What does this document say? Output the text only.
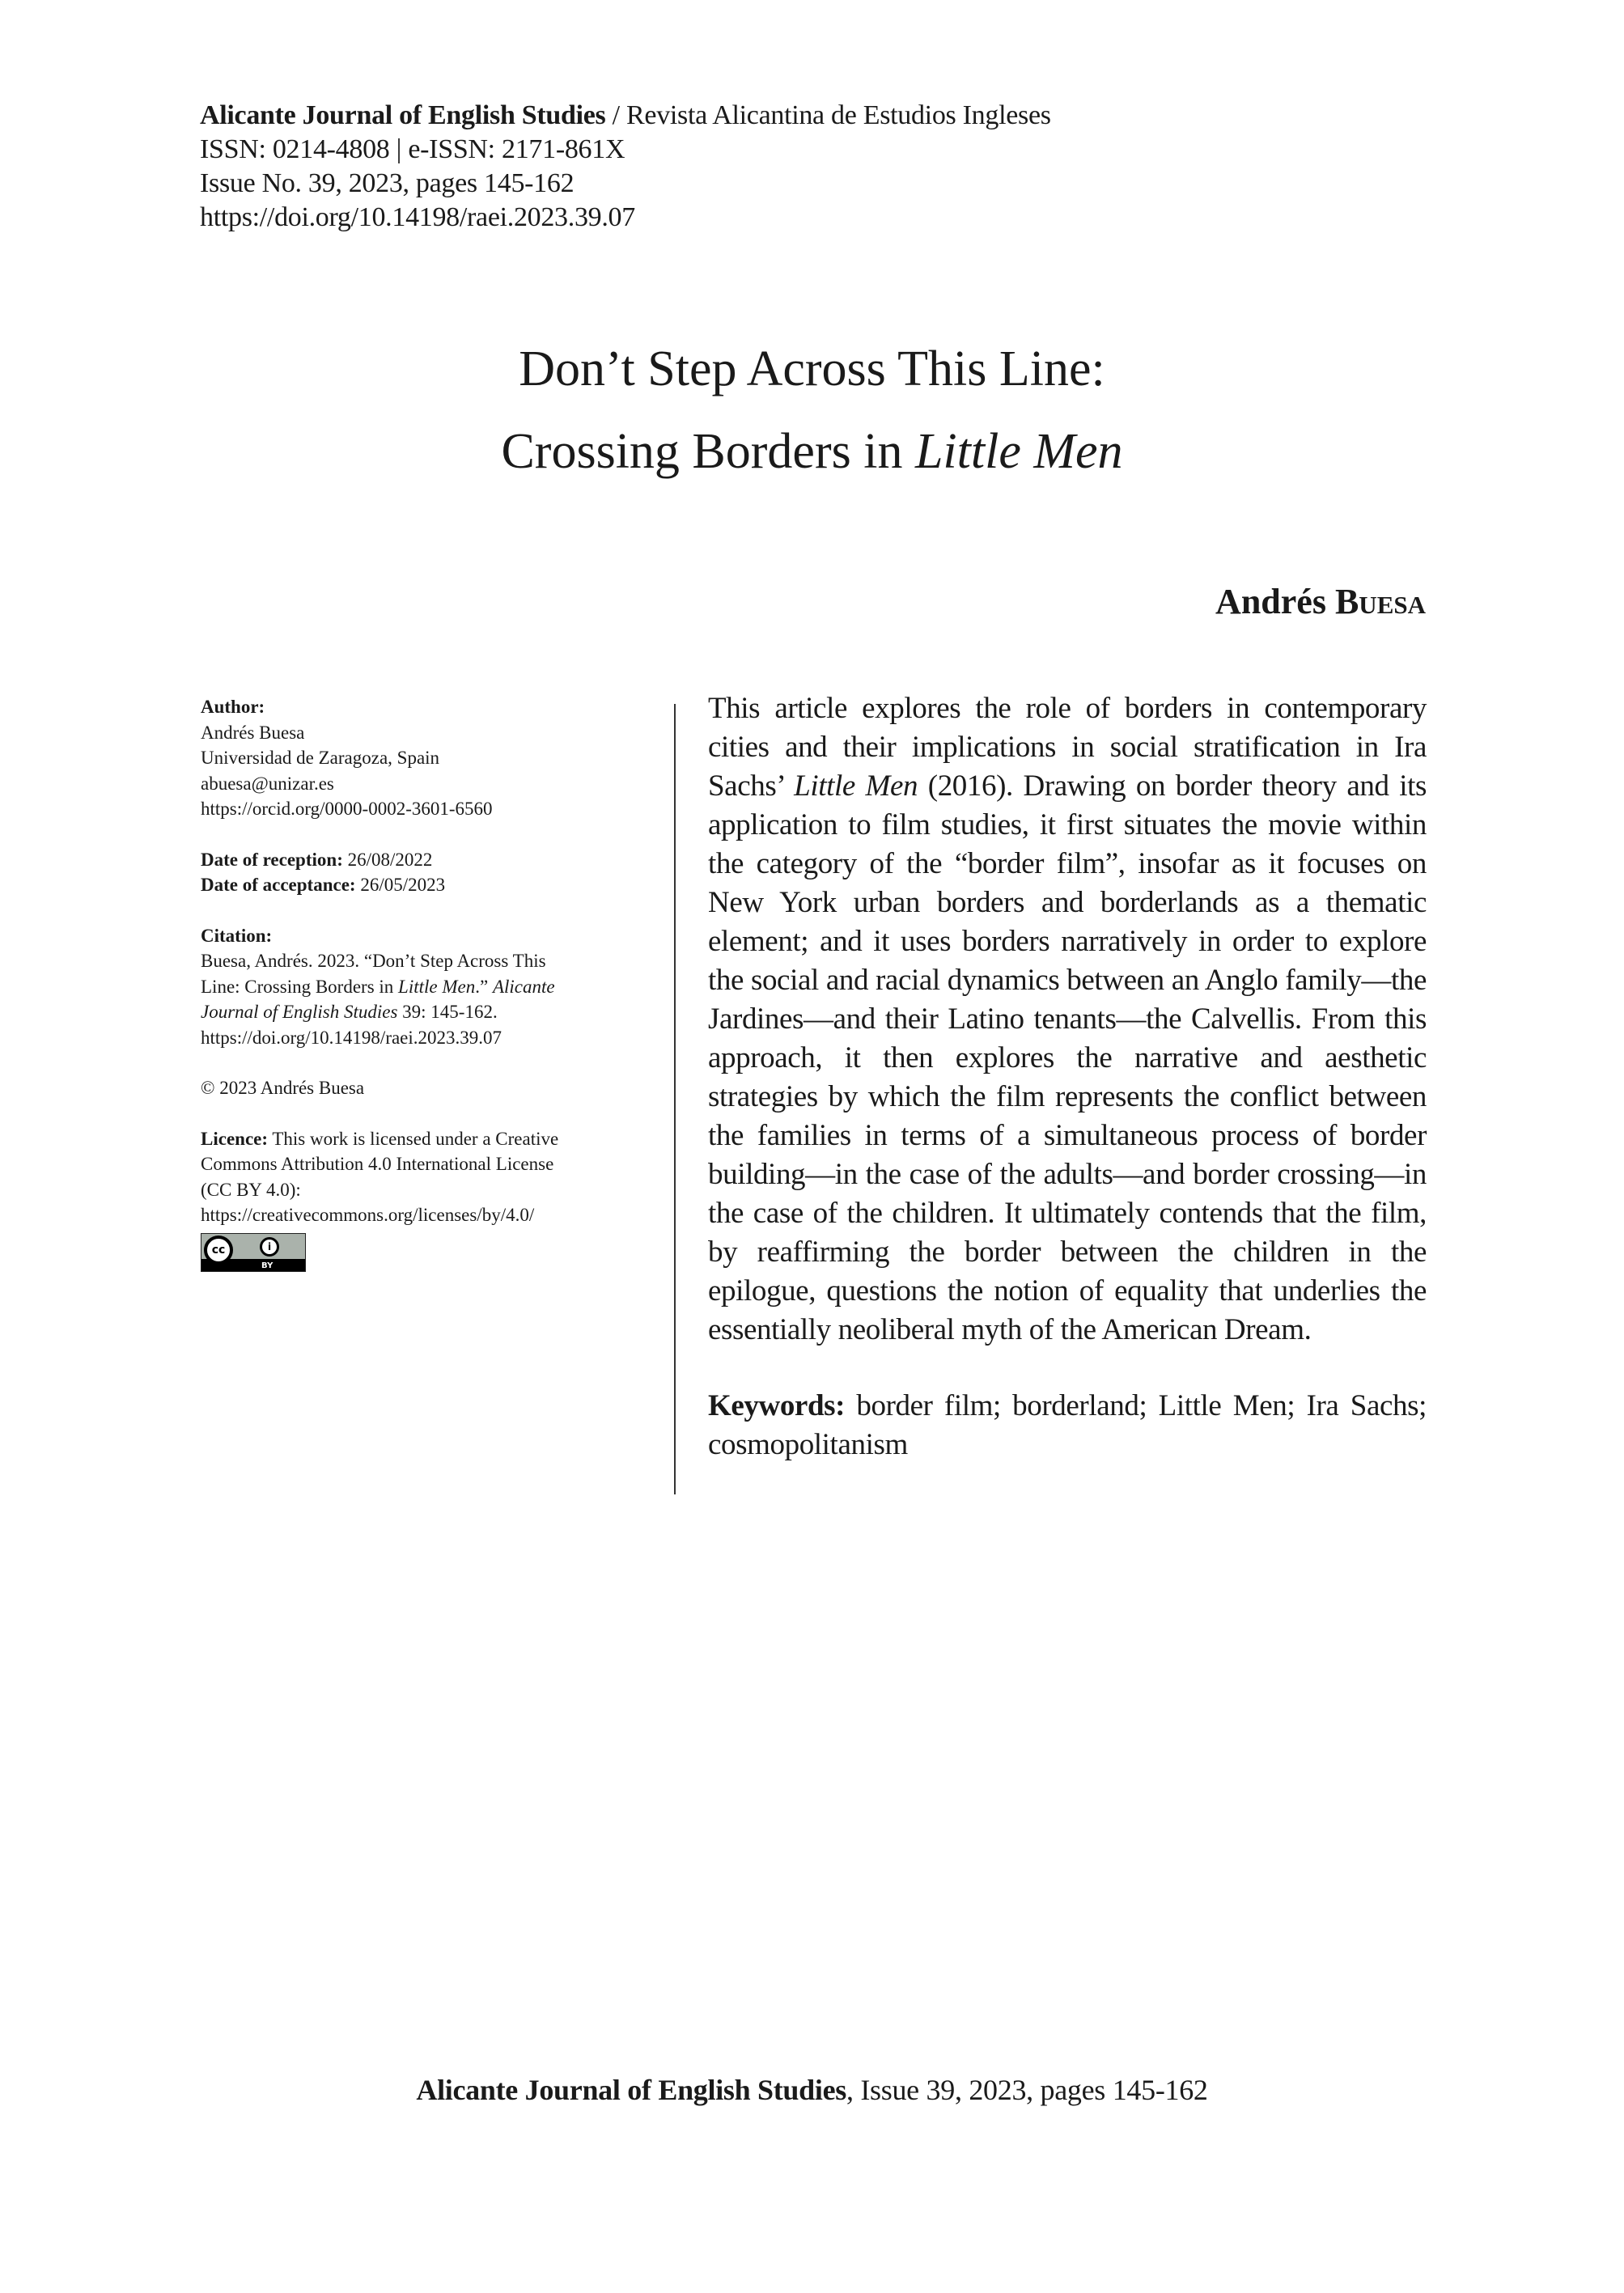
Alicante Journal of English Studies / Revista Alicantina de Estudios Ingleses
ISSN: 0214-4808 | e-ISSN: 2171-861X
Issue No. 39, 2023, pages 145-162
https://doi.org/10.14198/raei.2023.39.07
Don’t Step Across This Line:
Crossing Borders in Little Men
Andrés Buesa
Author:
Andrés Buesa
Universidad de Zaragoza, Spain
abuesa@unizar.es
https://orcid.org/0000-0002-3601-6560
Date of reception: 26/08/2022
Date of acceptance: 26/05/2023
Citation:
Buesa, Andrés. 2023. “Don’t Step Across This
Line: Crossing Borders in Little Men.” Alicante
Journal of English Studies 39: 145-162.
https://doi.org/10.14198/raei.2023.39.07
© 2023 Andrés Buesa
Licence: This work is licensed under a Creative
Commons Attribution 4.0 International License
(CC BY 4.0):
https://creativecommons.org/licenses/by/4.0/
cc	i
BY

This article explores the role of borders in contemporary cities and their implications in social stratification in Ira Sachs’ Little Men (2016). Drawing on border theory and its application to film studies, it first situates the movie within the category of the “border film”, insofar as it focuses on New York urban borders and borderlands as a thematic element; and it uses borders narratively in order to explore the social and racial dynamics between an Anglo family—the Jardines—and their Latino tenants—the Calvellis. From this approach, it then explores the narrative and aesthetic strategies by which the film represents the conflict between the families in terms of a simultaneous process of border building—in the case of the adults—and border crossing—in the case of the children. It ultimately contends that the film, by reaffirming the border between the children in the epilogue, questions the notion of equality that underlies the essentially neoliberal myth of the American Dream.

Keywords: border film; borderland; Little Men; Ira Sachs; cosmopolitanism

Alicante Journal of English Studies, Issue 39, 2023, pages 145-162
